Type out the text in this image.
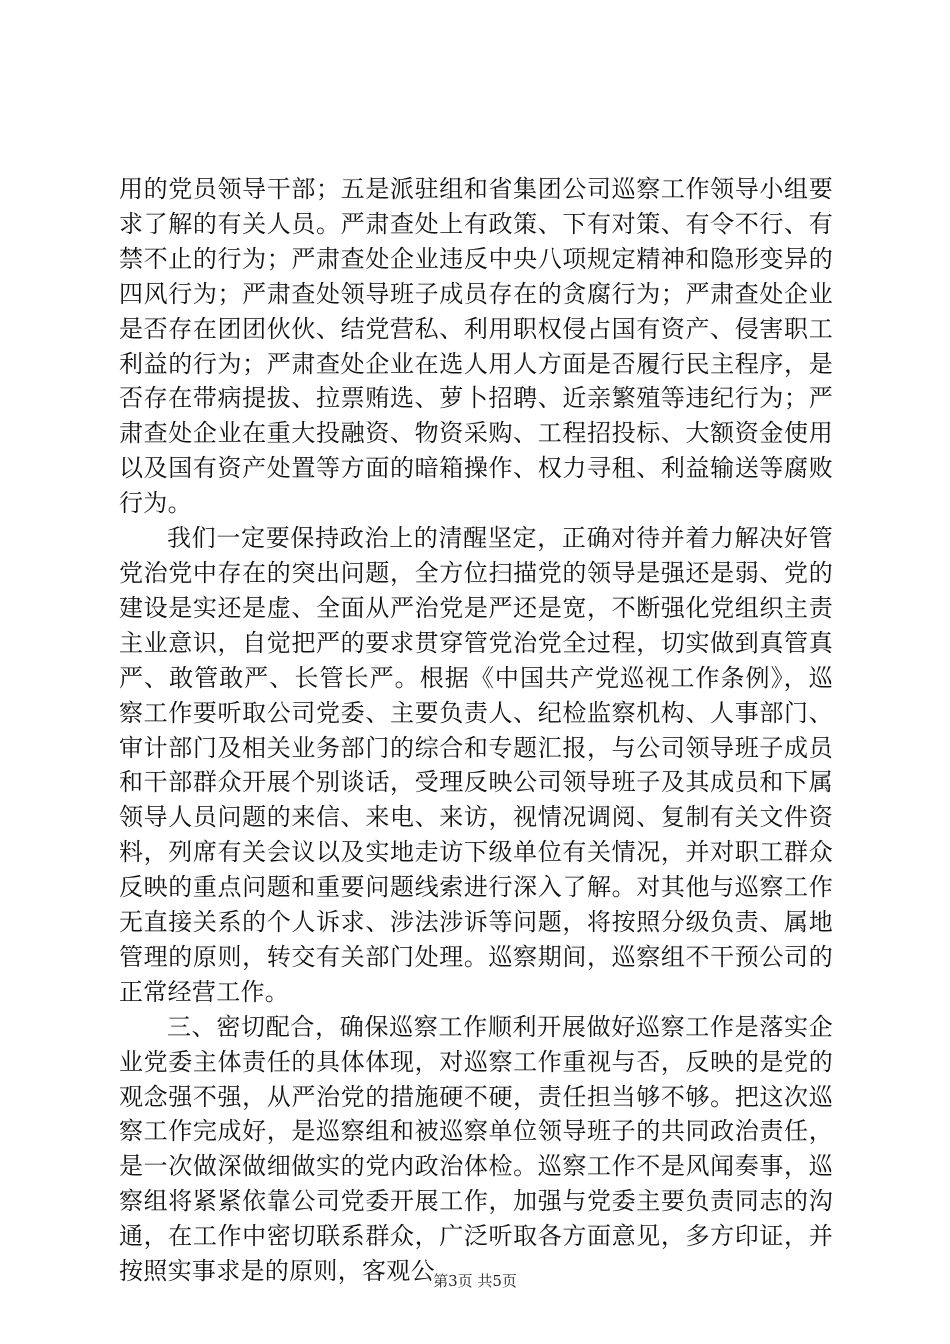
用的党员领导干部；五是派驻组和省集团公司巡察工作领导小组要求了解的有关人员。严肃查处上有政策、下有对策、有令不行、有禁不止的行为；严肃查处企业违反中央八项规定精神和隐形变异的四风行为；严肃查处领导班子成员存在的贪腐行为；严肃查处企业是否存在团团伙伙、结党营私、利用职权侵占国有资产、侵害职工利益的行为；严肃查处企业在选人用人方面是否履行民主程序，是否存在带病提拔、拉票贿选、萝卜招聘、近亲繁殖等违纪行为；严肃查处企业在重大投融资、物资采购、工程招投标、大额资金使用以及国有资产处置等方面的暗箱操作、权力寻租、利益输送等腐败行为。

我们一定要保持政治上的清醒坚定，正确对待并着力解决好管党治党中存在的突出问题，全方位扫描党的领导是强还是弱、党的建设是实还是虚、全面从严治党是严还是宽，不断强化党组织主责主业意识，自觉把严的要求贯穿管党治党全过程，切实做到真管真严、敢管敢严、长管长严。根据《中国共产党巡视工作条例》，巡察工作要听取公司党委、主要负责人、纪检监察机构、人事部门、审计部门及相关业务部门的综合和专题汇报，与公司领导班子成员和干部群众开展个别谈话，受理反映公司领导班子及其成员和下属领导人员问题的来信、来电、来访，视情况调阅、复制有关文件资料，列席有关会议以及实地走访下级单位有关情况，并对职工群众反映的重点问题和重要问题线索进行深入了解。对其他与巡察工作无直接关系的个人诉求、涉法涉诉等问题，将按照分级负责、属地管理的原则，转交有关部门处理。巡察期间，巡察组不干预公司的正常经营工作。

三、密切配合，确保巡察工作顺利开展做好巡察工作是落实企业党委主体责任的具体体现，对巡察工作重视与否，反映的是党的观念强不强，从严治党的措施硬不硬，责任担当够不够。把这次巡察工作完成好，是巡察组和被巡察单位领导班子的共同政治责任，是一次做深做细做实的党内政治体检。巡察工作不是风闻奏事，巡察组将紧紧依靠公司党委开展工作，加强与党委主要负责同志的沟通，在工作中密切联系群众，广泛听取各方面意见，多方印证，并按照实事求是的原则，客观公

第3页 共5页
